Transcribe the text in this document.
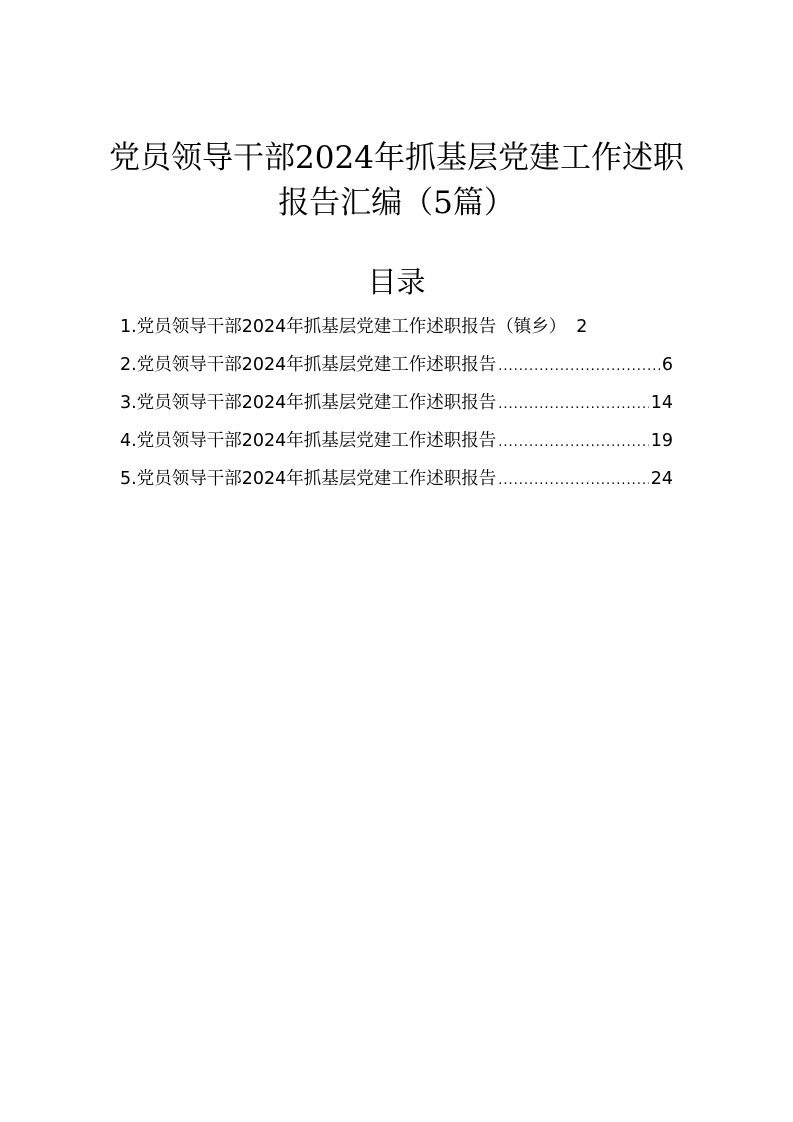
党员领导干部2024年抓基层党建工作述职
报告汇编（5篇）
目录
1.党员领导干部2024年抓基层党建工作述职报告（镇乡） 2
2.党员领导干部2024年抓基层党建工作述职报告 .....	6
3.党员领导干部2024年抓基层党建工作述职报告 .....	14
4.党员领导干部2024年抓基层党建工作述职报告 .....	19
5.党员领导干部2024年抓基层党建工作述职报告 .....	24
